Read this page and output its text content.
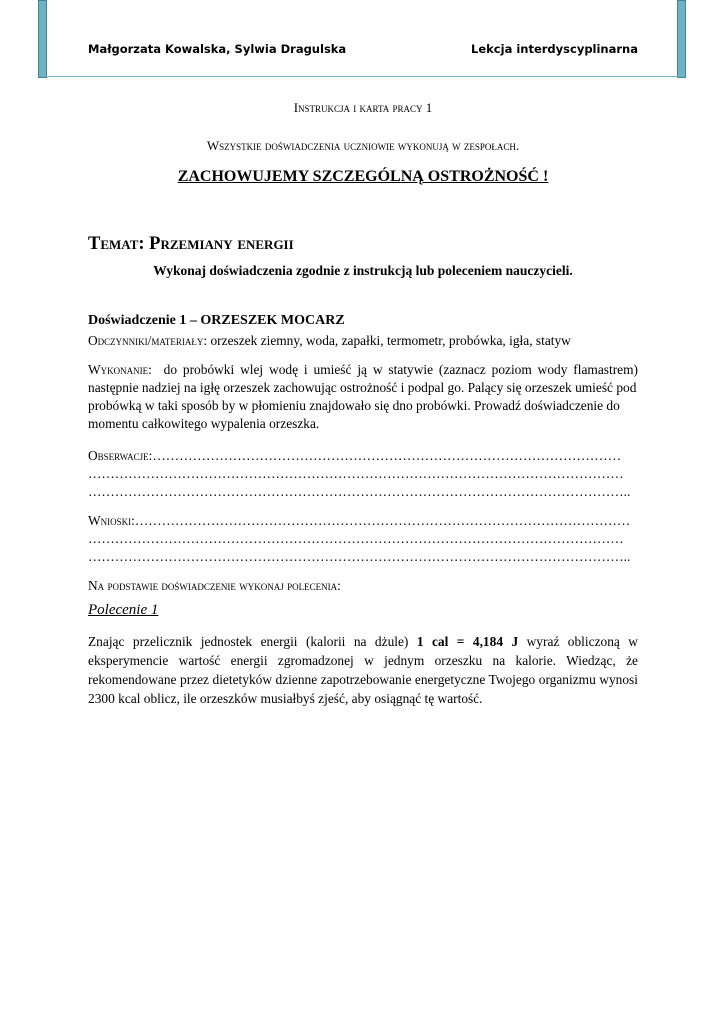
Małgorzata Kowalska, Sylwia Dragulska	Lekcja interdyscyplinarna
Instrukcja i karta pracy 1
Wszystkie doświadczenia uczniowie wykonują w zespołach.
ZACHOWUJEMY SZCZEGÓLNĄ OSTROŻNOŚĆ !
Temat: Przemiany energii
Wykonaj doświadczenia zgodnie z instrukcją lub poleceniem nauczycieli.
Doświadczenie 1 – ORZESZEK MOCARZ
Odczynniki/materiały: orzeszek ziemny, woda, zapałki, termometr, probówka, igła, statyw
Wykonanie: do probówki wlej wodę i umieść ją w statywie (zaznacz poziom wody flamastrem)
następnie nadziej na igłę orzeszek zachowując ostrożność i podpal go. Palący się orzeszek umieść pod
probówką w taki sposób by w płomieniu znajdowało się dno probówki. Prowadź doświadczenie do
momentu całkowitego wypalenia orzeszka.
Obserwacje:……………………………………………………………………………………………
…………………………………………………………………………………………………………
…………………………………………………………………………………………………………..
Wnioski:…………………………………………………………………………………………………
…………………………………………………………………………………………………………
…………………………………………………………………………………………………………..
Na podstawie doświadczenie wykonaj polecenia:
Polecenie 1
Znając przelicznik jednostek energii (kalorii na dżule) 1 cal = 4,184 J wyraź obliczoną w
eksperymencie wartość energii zgromadzonej w jednym orzeszku na kalorie. Wiedząc, że
rekomendowane przez dietetyków dzienne zapotrzebowanie energetyczne Twojego organizmu wynosi
2300 kcal oblicz, ile orzeszków musiałbyś zjeść, aby osiągnąć tę wartość.
